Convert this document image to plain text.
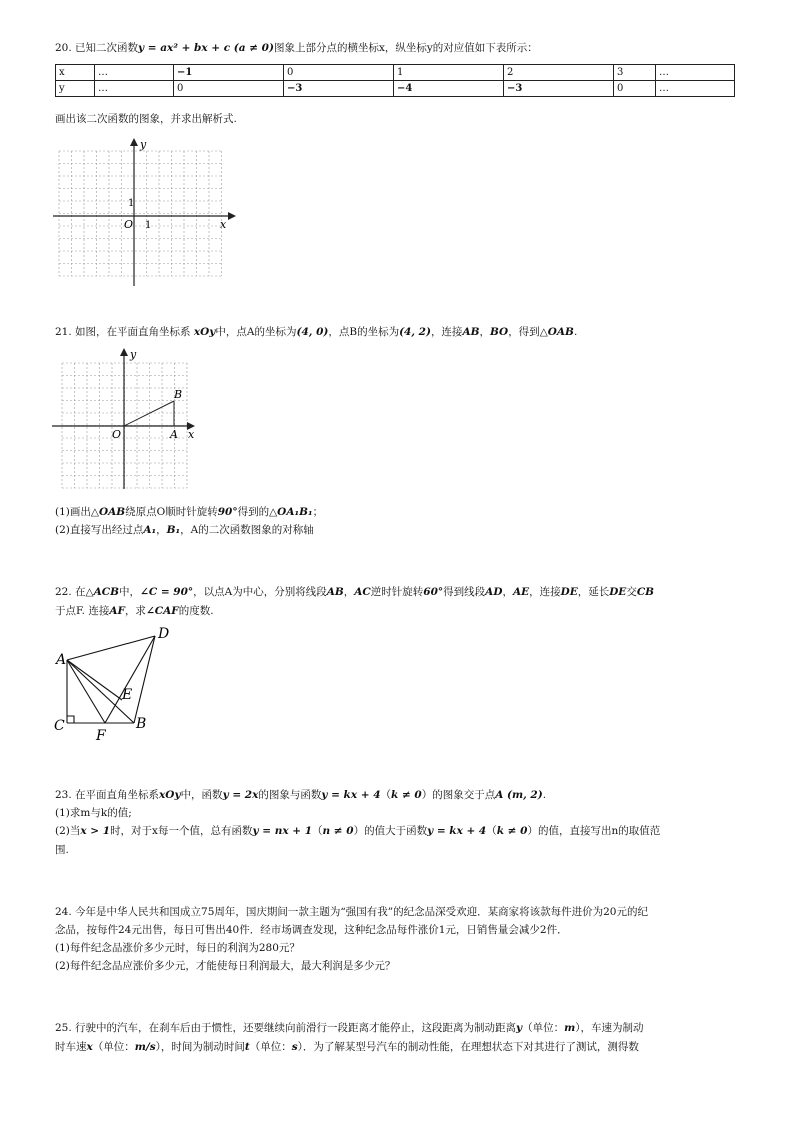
20. 已知二次函数y = ax² + bx + c (a ≠ 0)图象上部分点的横坐标x，纵坐标y的对应值如下表所示：
x	…	−1	0	1	2	3	…
y	…	0	−3	−4	−3	0	…
画出该二次函数的图象，并求出解析式.
x
y
O 1
1
21. 如图，在平面直角坐标系 xOy中，点A的坐标为(4, 0)，点B的坐标为(4, 2)，连接AB，BO，得到△OAB.
x
y
O	A
B
(1)画出△OAB绕原点O顺时针旋转90°得到的△OA₁B₁；
(2)直接写出经过点A₁，B₁，A的二次函数图象的对称轴
22. 在△ACB中，∠C = 90°，以点A为中心，分别将线段AB，AC逆时针旋转60°得到线段AD，AE，连接DE，延长DE交CB
于点F. 连接AF，求∠CAF的度数.
A
D
E
C	B
F
23. 在平面直角坐标系xOy中，函数y = 2x的图象与函数y = kx + 4（k ≠ 0）的图象交于点A (m, 2).
(1)求m与k的值;
(2)当x > 1时，对于x每一个值，总有函数y = nx + 1（n ≠ 0）的值大于函数y = kx + 4（k ≠ 0）的值，直接写出n的取值范
围.
24. 今年是中华人民共和国成立75周年，国庆期间一款主题为“强国有我”的纪念品深受欢迎．某商家将该款每件进价为20元的纪
念品，按每件24元出售，每日可售出40件．经市场调查发现，这种纪念品每件涨价1元，日销售量会减少2件．
(1)每件纪念品涨价多少元时，每日的利润为280元？
(2)每件纪念品应涨价多少元，才能使每日利润最大，最大利润是多少元？
25. 行驶中的汽车，在刹车后由于惯性，还要继续向前滑行一段距离才能停止，这段距离为制动距离y（单位：m），车速为制动
时车速x（单位：m/s），时间为制动时间t（单位：s）．为了解某型号汽车的制动性能，在理想状态下对其进行了测试，测得数
